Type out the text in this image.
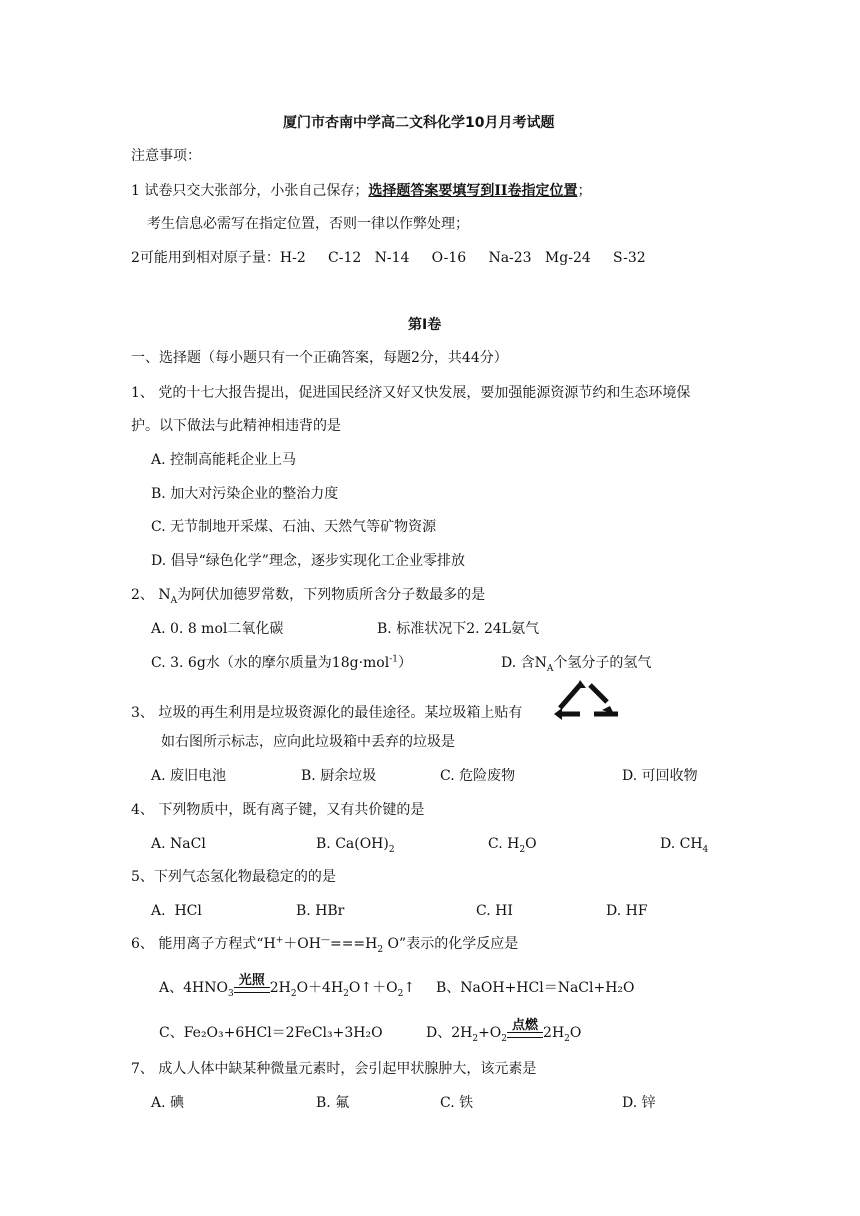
厦门市杏南中学高二文科化学10月月考试题
注意事项：
1 试卷只交大张部分，小张自己保存；选择题答案要填写到II卷指定位置；
考生信息必需写在指定位置，否则一律以作弊处理；
2可能用到相对原子量：H-2     C-12   N-14     O-16     Na-23   Mg-24     S-32
第Ⅰ卷
一、选择题（每小题只有一个正确答案，每题2分，共44分）
1、 党的十七大报告提出，促进国民经济又好又快发展，要加强能源资源节约和生态环境保
护。以下做法与此精神相违背的是
A. 控制高能耗企业上马
B. 加大对污染企业的整治力度
C. 无节制地开采煤、石油、天然气等矿物资源
D. 倡导“绿色化学”理念，逐步实现化工企业零排放
2、 $N_A$为阿伏加德罗常数，下列物质所含分子数最多的是
A. 0. 8 mol二氧化碳	B. 标准状况下2. 24L氨气
C. 3. 6g水（水的摩尔质量为18g·mol$^{-1}$）	D. 含$N_A$个氢分子的氢气
3、 垃圾的再生利用是垃圾资源化的最佳途径。某垃圾箱上贴有
如右图所示标志，应向此垃圾箱中丢弃的垃圾是
A. 废旧电池	B. 厨余垃圾	C. 危险废物	D. 可回收物
4、 下列物质中，既有离子键，又有共价键的是
A. NaCl	B. $Ca(OH)_2$	C. $H_2O$	D. $CH_4$
5、下列气态氢化物最稳定的的是
A.  HCl	B. HBr	C. HI	D. HF
6、 能用离子方程式“$H^++OH^—===H_2$ O”表示的化学反应是
A、$4HNO_3$
光照 $2H_2O+4H_2O↑+O_2↑$ B、NaOH+HCl＝NaCl+H₂O
C、Fe₂O₃+6HCl＝2FeCl₃+3H₂O	D、$2H_2+O_2$
点燃 $2H_2O$
7、 成人人体中缺某种微量元素时，会引起甲状腺肿大，该元素是
A. 碘	B. 氟	C. 铁	D. 锌
